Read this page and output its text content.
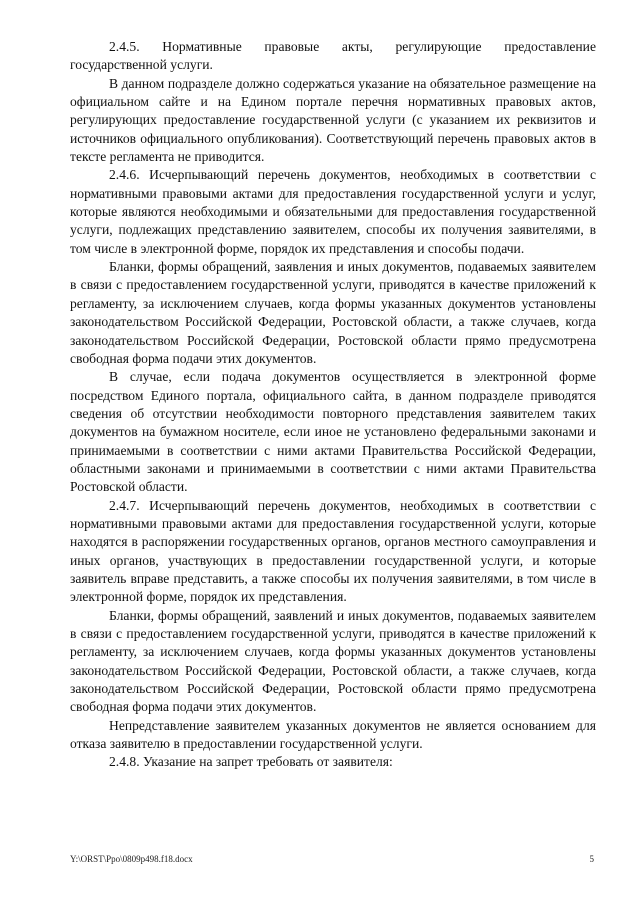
2.4.5. Нормативные правовые акты, регулирующие предоставление государственной услуги.

В данном подразделе должно содержаться указание на обязательное размещение на официальном сайте и на Едином портале перечня нормативных правовых актов, регулирующих предоставление государственной услуги (с указанием их реквизитов и источников официального опубликования). Соответствующий перечень правовых актов в тексте регламента не приводится.

2.4.6. Исчерпывающий перечень документов, необходимых в соответствии с нормативными правовыми актами для предоставления государственной услуги и услуг, которые являются необходимыми и обязательными для предоставления государственной услуги, подлежащих представлению заявителем, способы их получения заявителями, в том числе в электронной форме, порядок их представления и способы подачи.

Бланки, формы обращений, заявления и иных документов, подаваемых заявителем в связи с предоставлением государственной услуги, приводятся в качестве приложений к регламенту, за исключением случаев, когда формы указанных документов установлены законодательством Российской Федерации, Ростовской области, а также случаев, когда законодательством Российской Федерации, Ростовской области прямо предусмотрена свободная форма подачи этих документов.

В случае, если подача документов осуществляется в электронной форме посредством Единого портала, официального сайта, в данном подразделе приводятся сведения об отсутствии необходимости повторного представления заявителем таких документов на бумажном носителе, если иное не установлено федеральными законами и принимаемыми в соответствии с ними актами Правительства Российской Федерации, областными законами и принимаемыми в соответствии с ними актами Правительства Ростовской области.

2.4.7. Исчерпывающий перечень документов, необходимых в соответствии с нормативными правовыми актами для предоставления государственной услуги, которые находятся в распоряжении государственных органов, органов местного самоуправления и иных органов, участвующих в предоставлении государственной услуги, и которые заявитель вправе представить, а также способы их получения заявителями, в том числе в электронной форме, порядок их представления.

Бланки, формы обращений, заявлений и иных документов, подаваемых заявителем в связи с предоставлением государственной услуги, приводятся в качестве приложений к регламенту, за исключением случаев, когда формы указанных документов установлены законодательством Российской Федерации, Ростовской области, а также случаев, когда законодательством Российской Федерации, Ростовской области прямо предусмотрена свободная форма подачи этих документов.

Непредставление заявителем указанных документов не является основанием для отказа заявителю в предоставлении государственной услуги.

2.4.8. Указание на запрет требовать от заявителя:

Y:\ORST\Ppo\0809p498.f18.docx	5
